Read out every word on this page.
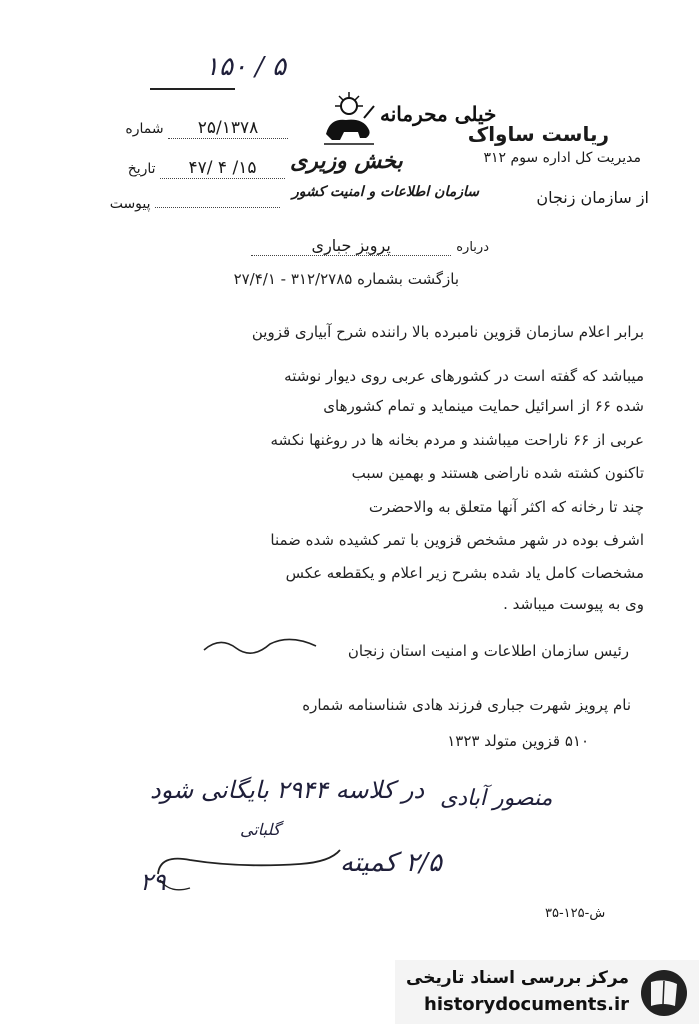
۱۵۰ / ۵
ریاست ساواک
خیلی محرمانه
مدیریت کل اداره سوم ۳۱۲
بخش وزیری
از سازمان زنجان
سازمان اطلاعات و امنیت کشور
۲۵/۱۳۷۸ شماره
۱۵/ ۴ /۴۷ تاریخ
پیوست
درباره پرویز جباری
بازگشت بشماره ۳۱۲/۲۷۸۵ - ۲۷/۴/۱
برابر اعلام سازمان قزوین نامبرده بالا راننده شرح آبیاری قزوین
میباشد که گفته است در کشورهای عربی روی دیوار نوشته
شده ۶۶ از اسرائیل حمایت مینماید و تمام کشورهای
عربی از ۶۶ ناراحت میباشند و مردم بخانه ها در روغنها نکشه
تاکنون کشته شده ناراضی هستند و بهمین سبب
چند تا رخانه که اکثر آنها متعلق به والاحضرت
اشرف بوده در شهر مشخص قزوین با تمر کشیده شده ضمنا
مشخصات کامل یاد شده بشرح زیر اعلام و یکقطعه عکس
وی به پیوست میباشد .
رئیس سازمان اطلاعات و امنیت استان زنجان
نام پرویز شهرت جباری فرزند هادی شناسنامه شماره
۵۱۰ قزوین متولد ۱۳۲۳
در کلاسه ۲۹۴۴ بایگانی شود منصور آبادی
گلباتی
۲/۵ کمیته
۲۹
ش-۱۲۵-۳۵
مرکز بررسی اسناد تاریخی
historydocuments.ir
